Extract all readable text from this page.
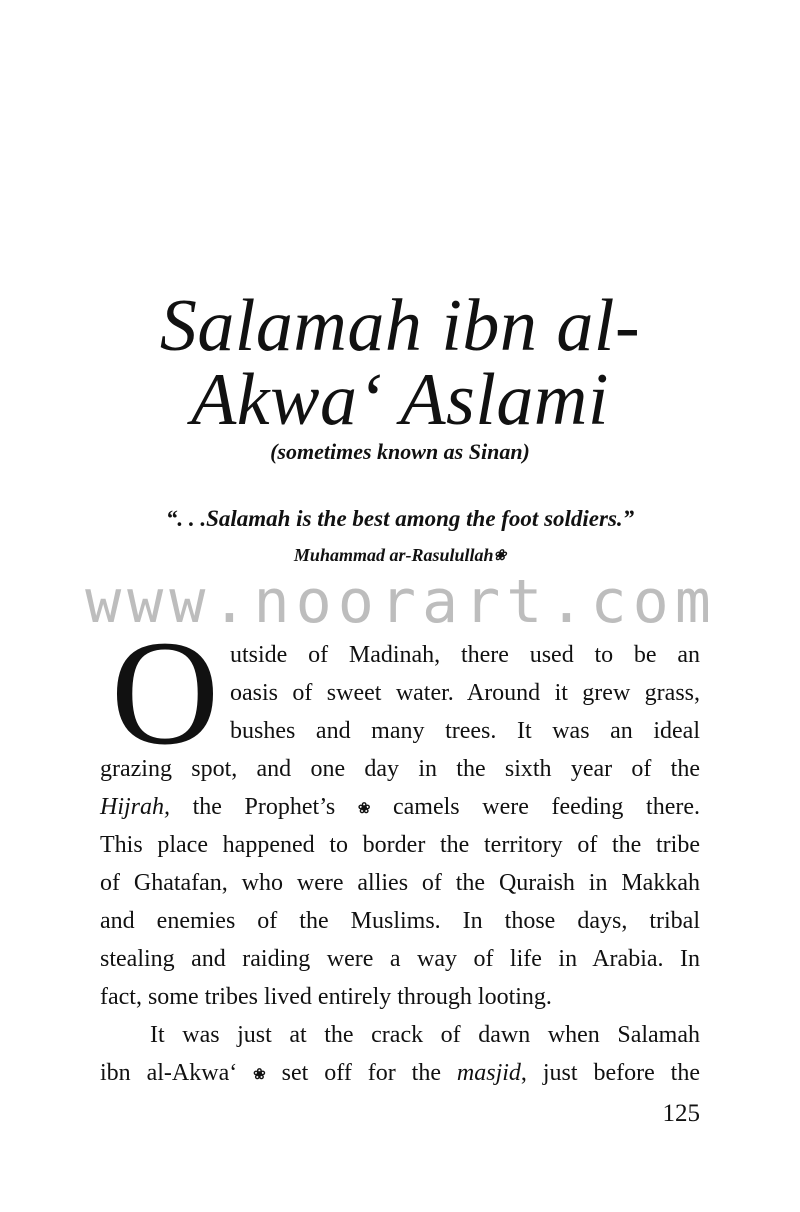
Salamah ibn al-
Akwa‘ Aslami
(sometimes known as Sinan)
“. . .Salamah is the best among the foot soldiers.”
Muhammad ar-Rasulullah❀
www.noorart.com
O utside of Madinah, there used to be an
oasis of sweet water. Around it grew grass,
bushes and many trees. It was an ideal
grazing spot, and one day in the sixth year of the
Hijrah, the Prophet’s ❀ camels were feeding there.
This place happened to border the territory of the tribe
of Ghatafan, who were allies of the Quraish in Makkah
and enemies of the Muslims. In those days, tribal
stealing and raiding were a way of life in Arabia. In
fact, some tribes lived entirely through looting.
It was just at the crack of dawn when Salamah
ibn al-Akwa‘ ❀ set off for the masjid, just before the
125
